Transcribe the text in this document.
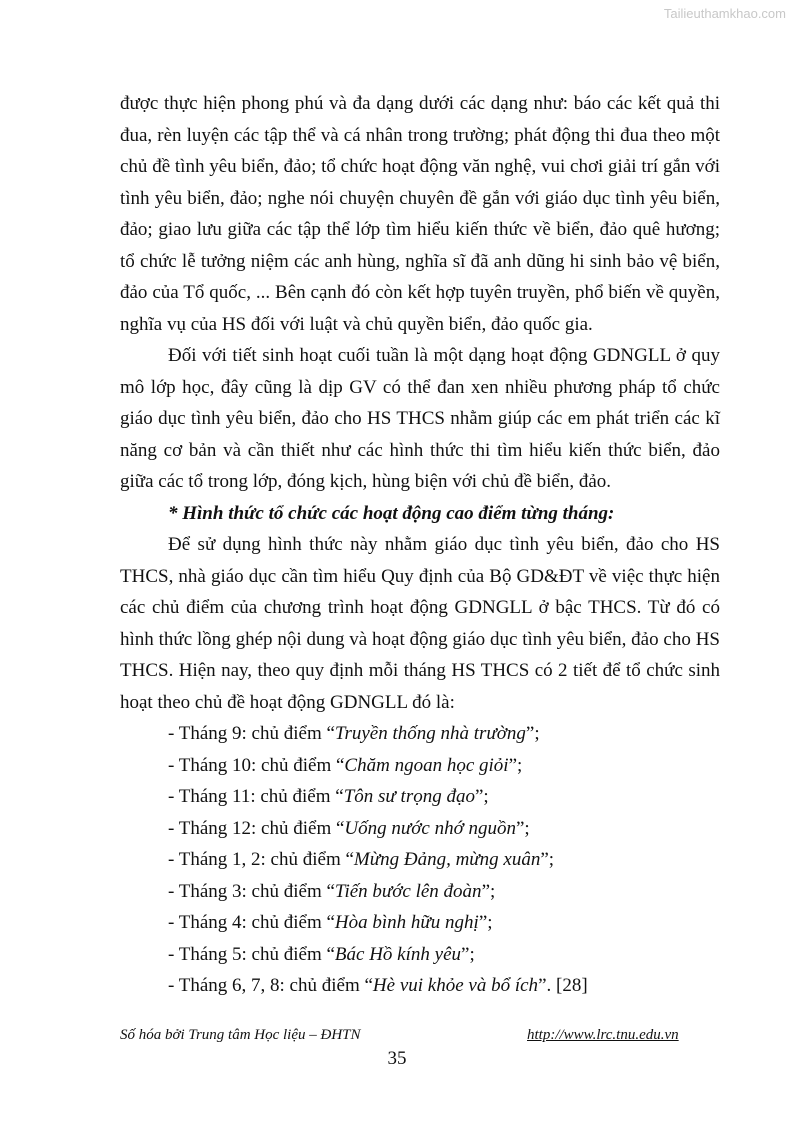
Tailieuthamkhao.com

được thực hiện phong phú và đa dạng dưới các dạng như: báo các kết quả thi đua, rèn luyện các tập thể và cá nhân trong trường; phát động thi đua theo một chủ đề tình yêu biển, đảo; tổ chức hoạt động văn nghệ, vui chơi giải trí gắn với tình yêu biển, đảo; nghe nói chuyện chuyên đề gắn với giáo dục tình yêu biển, đảo; giao lưu giữa các tập thể lớp tìm hiểu kiến thức về biển, đảo quê hương; tổ chức lễ tưởng niệm các anh hùng, nghĩa sĩ đã anh dũng hi sinh bảo vệ biển, đảo của Tổ quốc, ... Bên cạnh đó còn kết hợp tuyên truyền, phổ biến về quyền, nghĩa vụ của HS đối với luật và chủ quyền biển, đảo quốc gia.

Đối với tiết sinh hoạt cuối tuần là một dạng hoạt động GDNGLL ở quy mô lớp học, đây cũng là dịp GV có thể đan xen nhiều phương pháp tổ chức giáo dục tình yêu biển, đảo cho HS THCS nhằm giúp các em phát triển các kĩ năng cơ bản và cần thiết như các hình thức thi tìm hiểu kiến thức biển, đảo giữa các tổ trong lớp, đóng kịch, hùng biện với chủ đề biển, đảo.

* Hình thức tổ chức các hoạt động cao điểm từng tháng:

Để sử dụng hình thức này nhằm giáo dục tình yêu biển, đảo cho HS THCS, nhà giáo dục cần tìm hiểu Quy định của Bộ GD&ĐT về việc thực hiện các chủ điểm của chương trình hoạt động GDNGLL ở bậc THCS. Từ đó có hình thức lồng ghép nội dung và hoạt động giáo dục tình yêu biển, đảo cho HS THCS. Hiện nay, theo quy định mỗi tháng HS THCS có 2 tiết để tổ chức sinh hoạt theo chủ đề hoạt động GDNGLL đó là:

- Tháng 9: chủ điểm “Truyền thống nhà trường”;

- Tháng 10: chủ điểm “Chăm ngoan học giỏi”;

- Tháng 11: chủ điểm “Tôn sư trọng đạo”;

- Tháng 12: chủ điểm “Uống nước nhớ nguồn”;

- Tháng 1, 2: chủ điểm “Mừng Đảng, mừng xuân”;

- Tháng 3: chủ điểm “Tiến bước lên đoàn”;

- Tháng 4: chủ điểm “Hòa bình hữu nghị”;

- Tháng 5: chủ điểm “Bác Hồ kính yêu”;

- Tháng 6, 7, 8: chủ điểm “Hè vui khỏe và bổ ích”. [28]

Số hóa bởi Trung tâm Học liệu – ĐHTN	http://www.lrc.tnu.edu.vn
35
